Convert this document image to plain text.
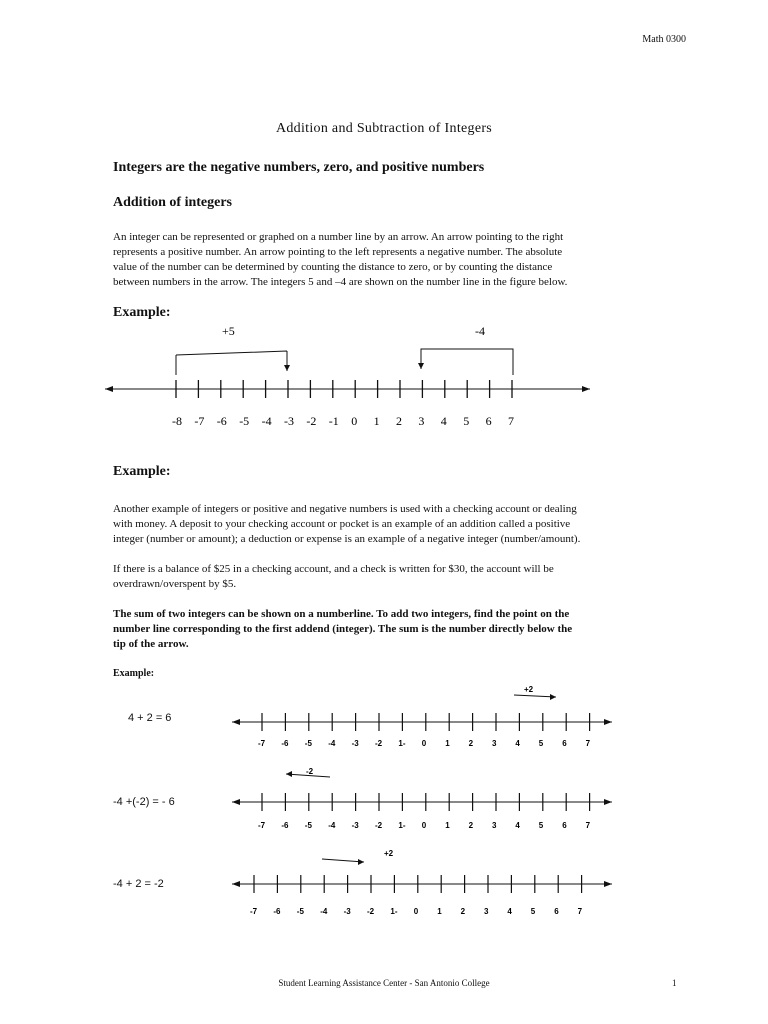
Math 0300
Addition and Subtraction of Integers
Integers are the negative numbers, zero, and positive numbers
Addition of integers
An integer can be represented or graphed on a number line by an arrow. An arrow pointing to the right
represents a positive number. An arrow pointing to the left represents a negative number. The absolute
value of the number can be determined by counting the distance to zero, or by counting the distance
between numbers in the arrow. The integers 5 and –4 are shown on the number line in the figure below.
Example:
+5	-4
-8 -7 -6 -5 -4 -3 -2 -1 0 1 2 3 4 5 6 7
Example:
Another example of integers or positive and negative numbers is used with a checking account or dealing
with money. A deposit to your checking account or pocket is an example of an addition called a positive
integer (number or amount); a deduction or expense is an example of a negative integer (number/amount).
If there is a balance of $25 in a checking account, and a check is written for $30, the account will be
overdrawn/overspent by $5.
The sum of two integers can be shown on a numberline. To add two integers, find the point on the
number line corresponding to the first addend (integer). The sum is the number directly below the
tip of the arrow.
Example:
4 + 2 = 6
+2
-7 -6 -5 -4 -3 -2 1- 0 1 2 3 4 5 6 7
-4 +(-2) = - 6
-2
-7 -6 -5 -4 -3 -2 1- 0 1 2 3 4 5 6 7
-4 + 2 = -2
+2
-7 -6 -5 -4 -3 -2 1- 0 1 2 3 4 5 6 7
Student Learning Assistance Center - San Antonio College	1
